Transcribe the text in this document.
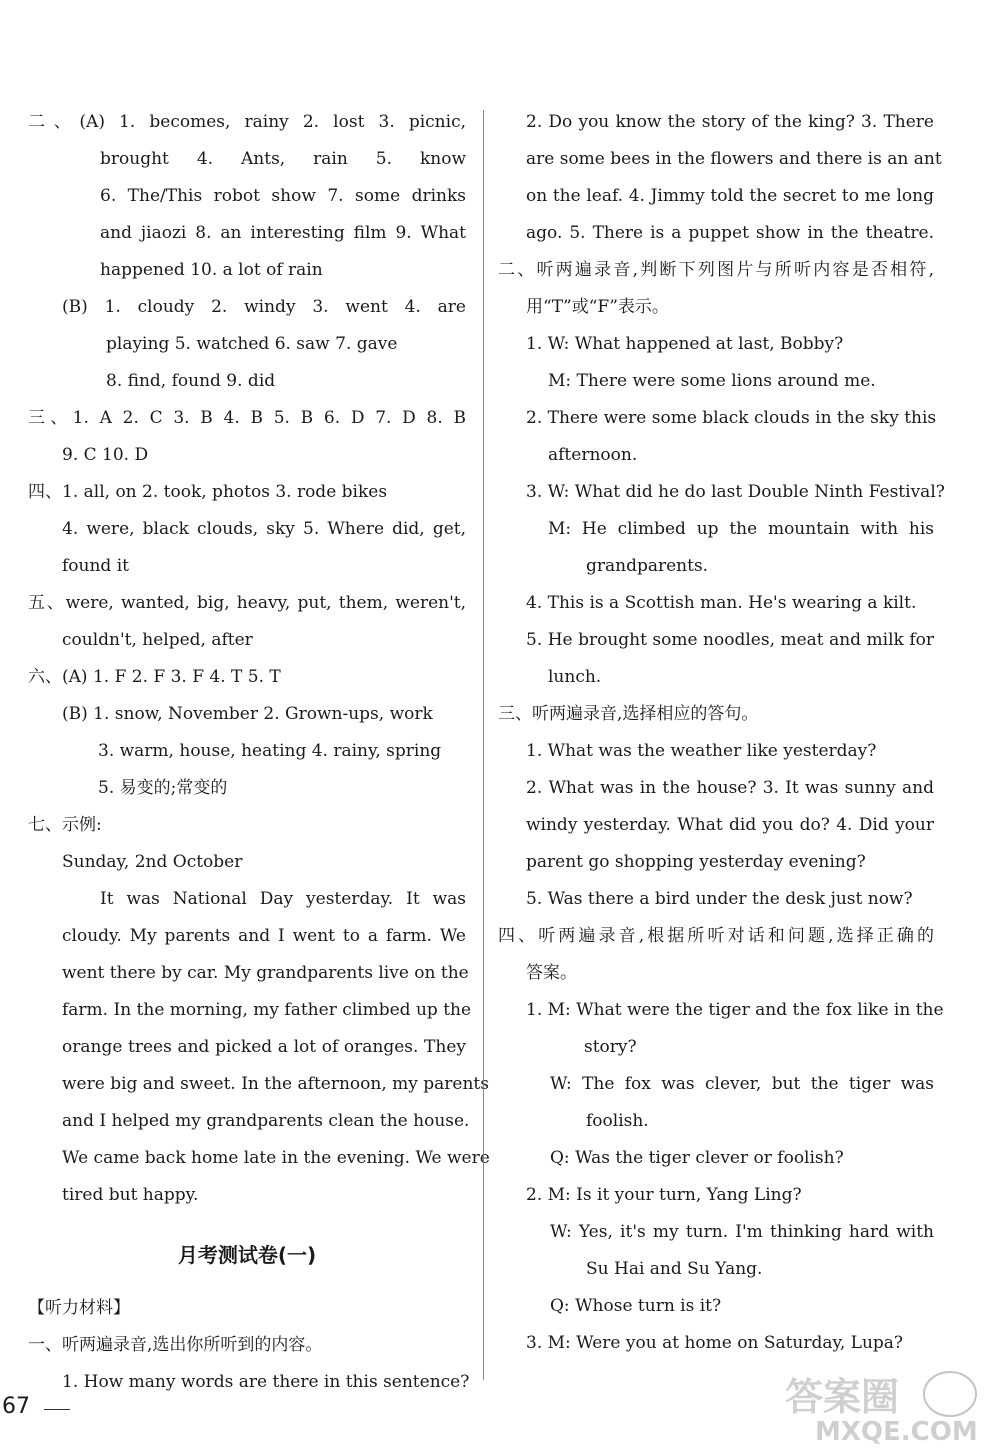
二、(A) 1. becomes, rainy 2. lost 3. picnic,
brought 4. Ants, rain 5. know
6. The/This robot show 7. some drinks
and jiaozi 8. an interesting film 9. What
happened 10. a lot of rain
(B) 1. cloudy 2. windy 3. went 4. are
playing 5. watched 6. saw 7. gave
8. find, found 9. did
三、1. A 2. C 3. B 4. B 5. B 6. D 7. D 8. B
9. C 10. D
四、1. all, on 2. took, photos 3. rode bikes
4. were, black clouds, sky 5. Where did, get,
found it
五、were, wanted, big, heavy, put, them, weren't,
couldn't, helped, after
六、(A) 1. F 2. F 3. F 4. T 5. T
(B) 1. snow, November 2. Grown-ups, work
3. warm, house, heating 4. rainy, spring
5. 易变的;常变的
七、示例:
Sunday, 2nd October
It was National Day yesterday. It was
cloudy. My parents and I went to a farm. We
went there by car. My grandparents live on the
farm. In the morning, my father climbed up the
orange trees and picked a lot of oranges. They
were big and sweet. In the afternoon, my parents
and I helped my grandparents clean the house.
We came back home late in the evening. We were
tired but happy.
月考测试卷(一)
【听力材料】
一、听两遍录音,选出你所听到的内容。
1. How many words are there in this sentence?
2. Do you know the story of the king? 3. There
are some bees in the flowers and there is an ant
on the leaf. 4. Jimmy told the secret to me long
ago. 5. There is a puppet show in the theatre.
二、听两遍录音,判断下列图片与所听内容是否相符,
用“T”或“F”表示。
1. W: What happened at last, Bobby?
M: There were some lions around me.
2. There were some black clouds in the sky this
afternoon.
3. W: What did he do last Double Ninth Festival?
M: He climbed up the mountain with his
grandparents.
4. This is a Scottish man. He's wearing a kilt.
5. He brought some noodles, meat and milk for
lunch.
三、听两遍录音,选择相应的答句。
1. What was the weather like yesterday?
2. What was in the house? 3. It was sunny and
windy yesterday. What did you do? 4. Did your
parent go shopping yesterday evening?
5. Was there a bird under the desk just now?
四、听两遍录音,根据所听对话和问题,选择正确的
答案。
1. M: What were the tiger and the fox like in the
story?
W: The fox was clever, but the tiger was
foolish.
Q: Was the tiger clever or foolish?
2. M: Is it your turn, Yang Ling?
W: Yes, it's my turn. I'm thinking hard with
Su Hai and Su Yang.
Q: Whose turn is it?
3. M: Were you at home on Saturday, Lupa?
67	答案圈
MXQE.COM
